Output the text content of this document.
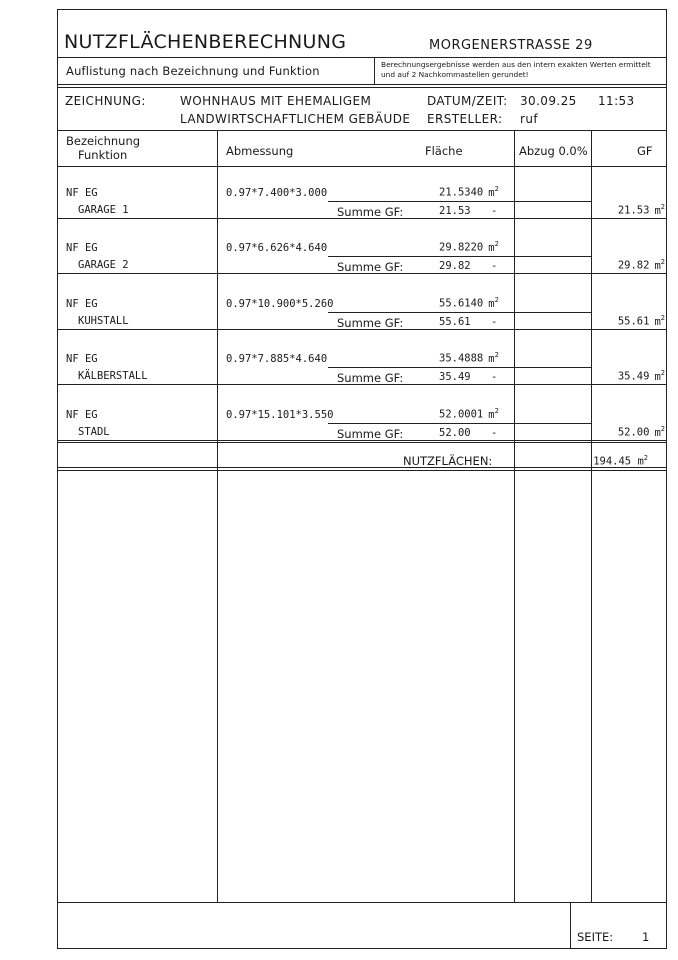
NUTZFLÄCHENBERECHNUNG	MORGENERSTRASSE 29
Auflistung nach Bezeichnung und Funktion	Berechnungsergebnisse werden aus den intern exakten Werten ermittelt
und auf 2 Nachkommastellen gerundet!
ZEICHNUNG:	WOHNHAUS MIT EHEMALIGEM
LANDWIRTSCHAFTLICHEM GEBÄUDE
DATUM/ZEIT: 30.09.25 11:53
ERSTELLER: ruf
Bezeichnung
Funktion	Abmessung	Fläche	Abzug 0.0%	GF
NF EG
GARAGE 1
0.97*7.400*3.000	21.5340 $m^2$
Summe GF:	21.53 -	21.53 $m^2$
NF EG
GARAGE 2
0.97*6.626*4.640	29.8220 $m^2$
Summe GF:	29.82 -	29.82 $m^2$
NF EG
KUHSTALL
0.97*10.900*5.260	55.6140 $m^2$
Summe GF:	55.61 -	55.61 $m^2$
NF EG
KÄLBERSTALL
0.97*7.885*4.640	35.4888 $m^2$
Summe GF:	35.49 -	35.49 $m^2$
NF EG
STADL
0.97*15.101*3.550	52.0001 $m^2$
Summe GF:	52.00 -	52.00 $m^2$
NUTZFLÄCHEN:	194.45 $m^2$
SEITE:	1
